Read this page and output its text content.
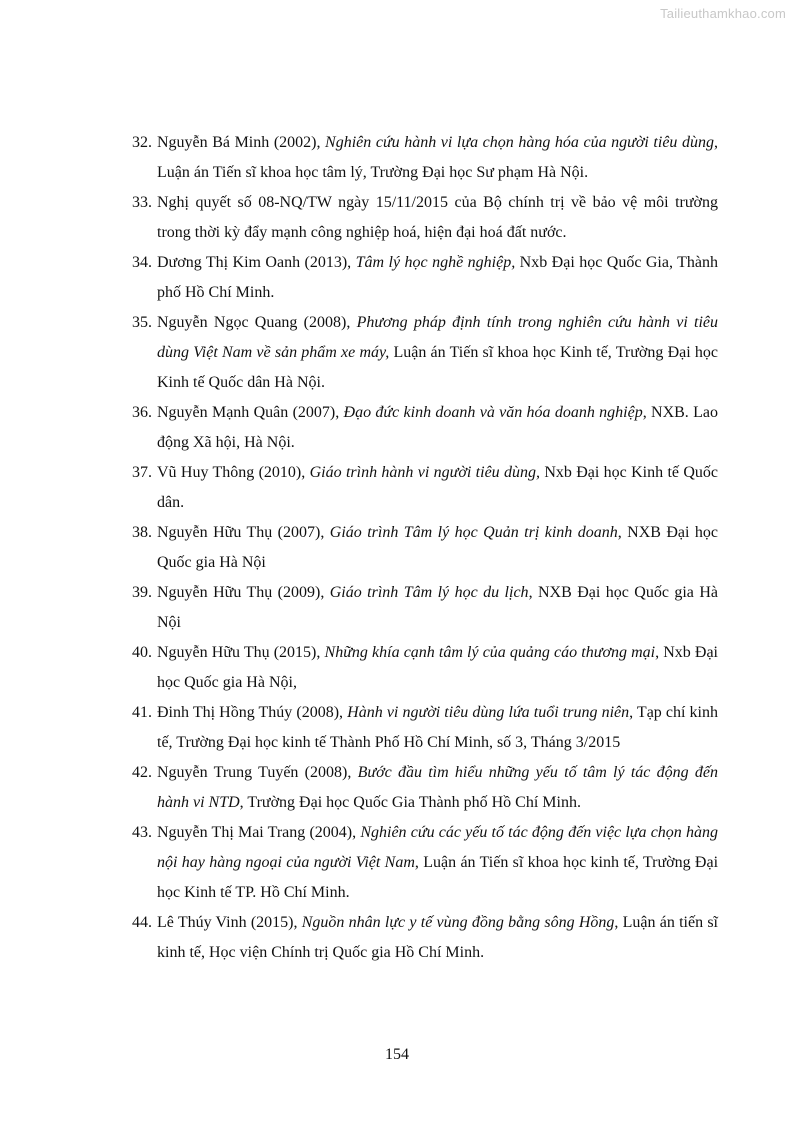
Tailieuthamkhao.com
32. Nguyễn Bá Minh (2002), Nghiên cứu hành vi lựa chọn hàng hóa của người tiêu dùng, Luận án Tiến sĩ khoa học tâm lý, Trường Đại học Sư phạm Hà Nội.
33. Nghị quyết số 08-NQ/TW ngày 15/11/2015 của Bộ chính trị về bảo vệ môi trường trong thời kỳ đẩy mạnh công nghiệp hoá, hiện đại hoá đất nước.
34. Dương Thị Kim Oanh (2013), Tâm lý học nghề nghiệp, Nxb Đại học Quốc Gia, Thành phố Hồ Chí Minh.
35. Nguyễn Ngọc Quang (2008), Phương pháp định tính trong nghiên cứu hành vi tiêu dùng Việt Nam về sản phẩm xe máy, Luận án Tiến sĩ khoa học Kinh tế, Trường Đại học Kinh tế Quốc dân Hà Nội.
36. Nguyễn Mạnh Quân (2007), Đạo đức kinh doanh và văn hóa doanh nghiệp, NXB. Lao động Xã hội, Hà Nội.
37. Vũ Huy Thông (2010), Giáo trình hành vi người tiêu dùng, Nxb Đại học Kinh tế Quốc dân.
38. Nguyễn Hữu Thụ (2007), Giáo trình Tâm lý học Quản trị kinh doanh, NXB Đại học Quốc gia Hà Nội
39. Nguyễn Hữu Thụ (2009), Giáo trình Tâm lý học du lịch, NXB Đại học Quốc gia Hà Nội
40. Nguyễn Hữu Thụ (2015), Những khía cạnh tâm lý của quảng cáo thương mại, Nxb Đại học Quốc gia Hà Nội,
41. Đinh Thị Hồng Thúy (2008), Hành vi người tiêu dùng lứa tuổi trung niên, Tạp chí kinh tế, Trường Đại học kinh tế Thành Phố Hồ Chí Minh, số 3, Tháng 3/2015
42. Nguyễn Trung Tuyến (2008), Bước đầu tìm hiểu những yếu tố tâm lý tác động đến hành vi NTD, Trường Đại học Quốc Gia Thành phố Hồ Chí Minh.
43. Nguyễn Thị Mai Trang (2004), Nghiên cứu các yếu tố tác động đến việc lựa chọn hàng nội hay hàng ngoại của người Việt Nam, Luận án Tiến sĩ khoa học kinh tế, Trường Đại học Kinh tế TP. Hồ Chí Minh.
44. Lê Thúy Vinh (2015), Nguồn nhân lực y tế vùng đồng bằng sông Hồng, Luận án tiến sĩ kinh tế, Học viện Chính trị Quốc gia Hồ Chí Minh.
154
